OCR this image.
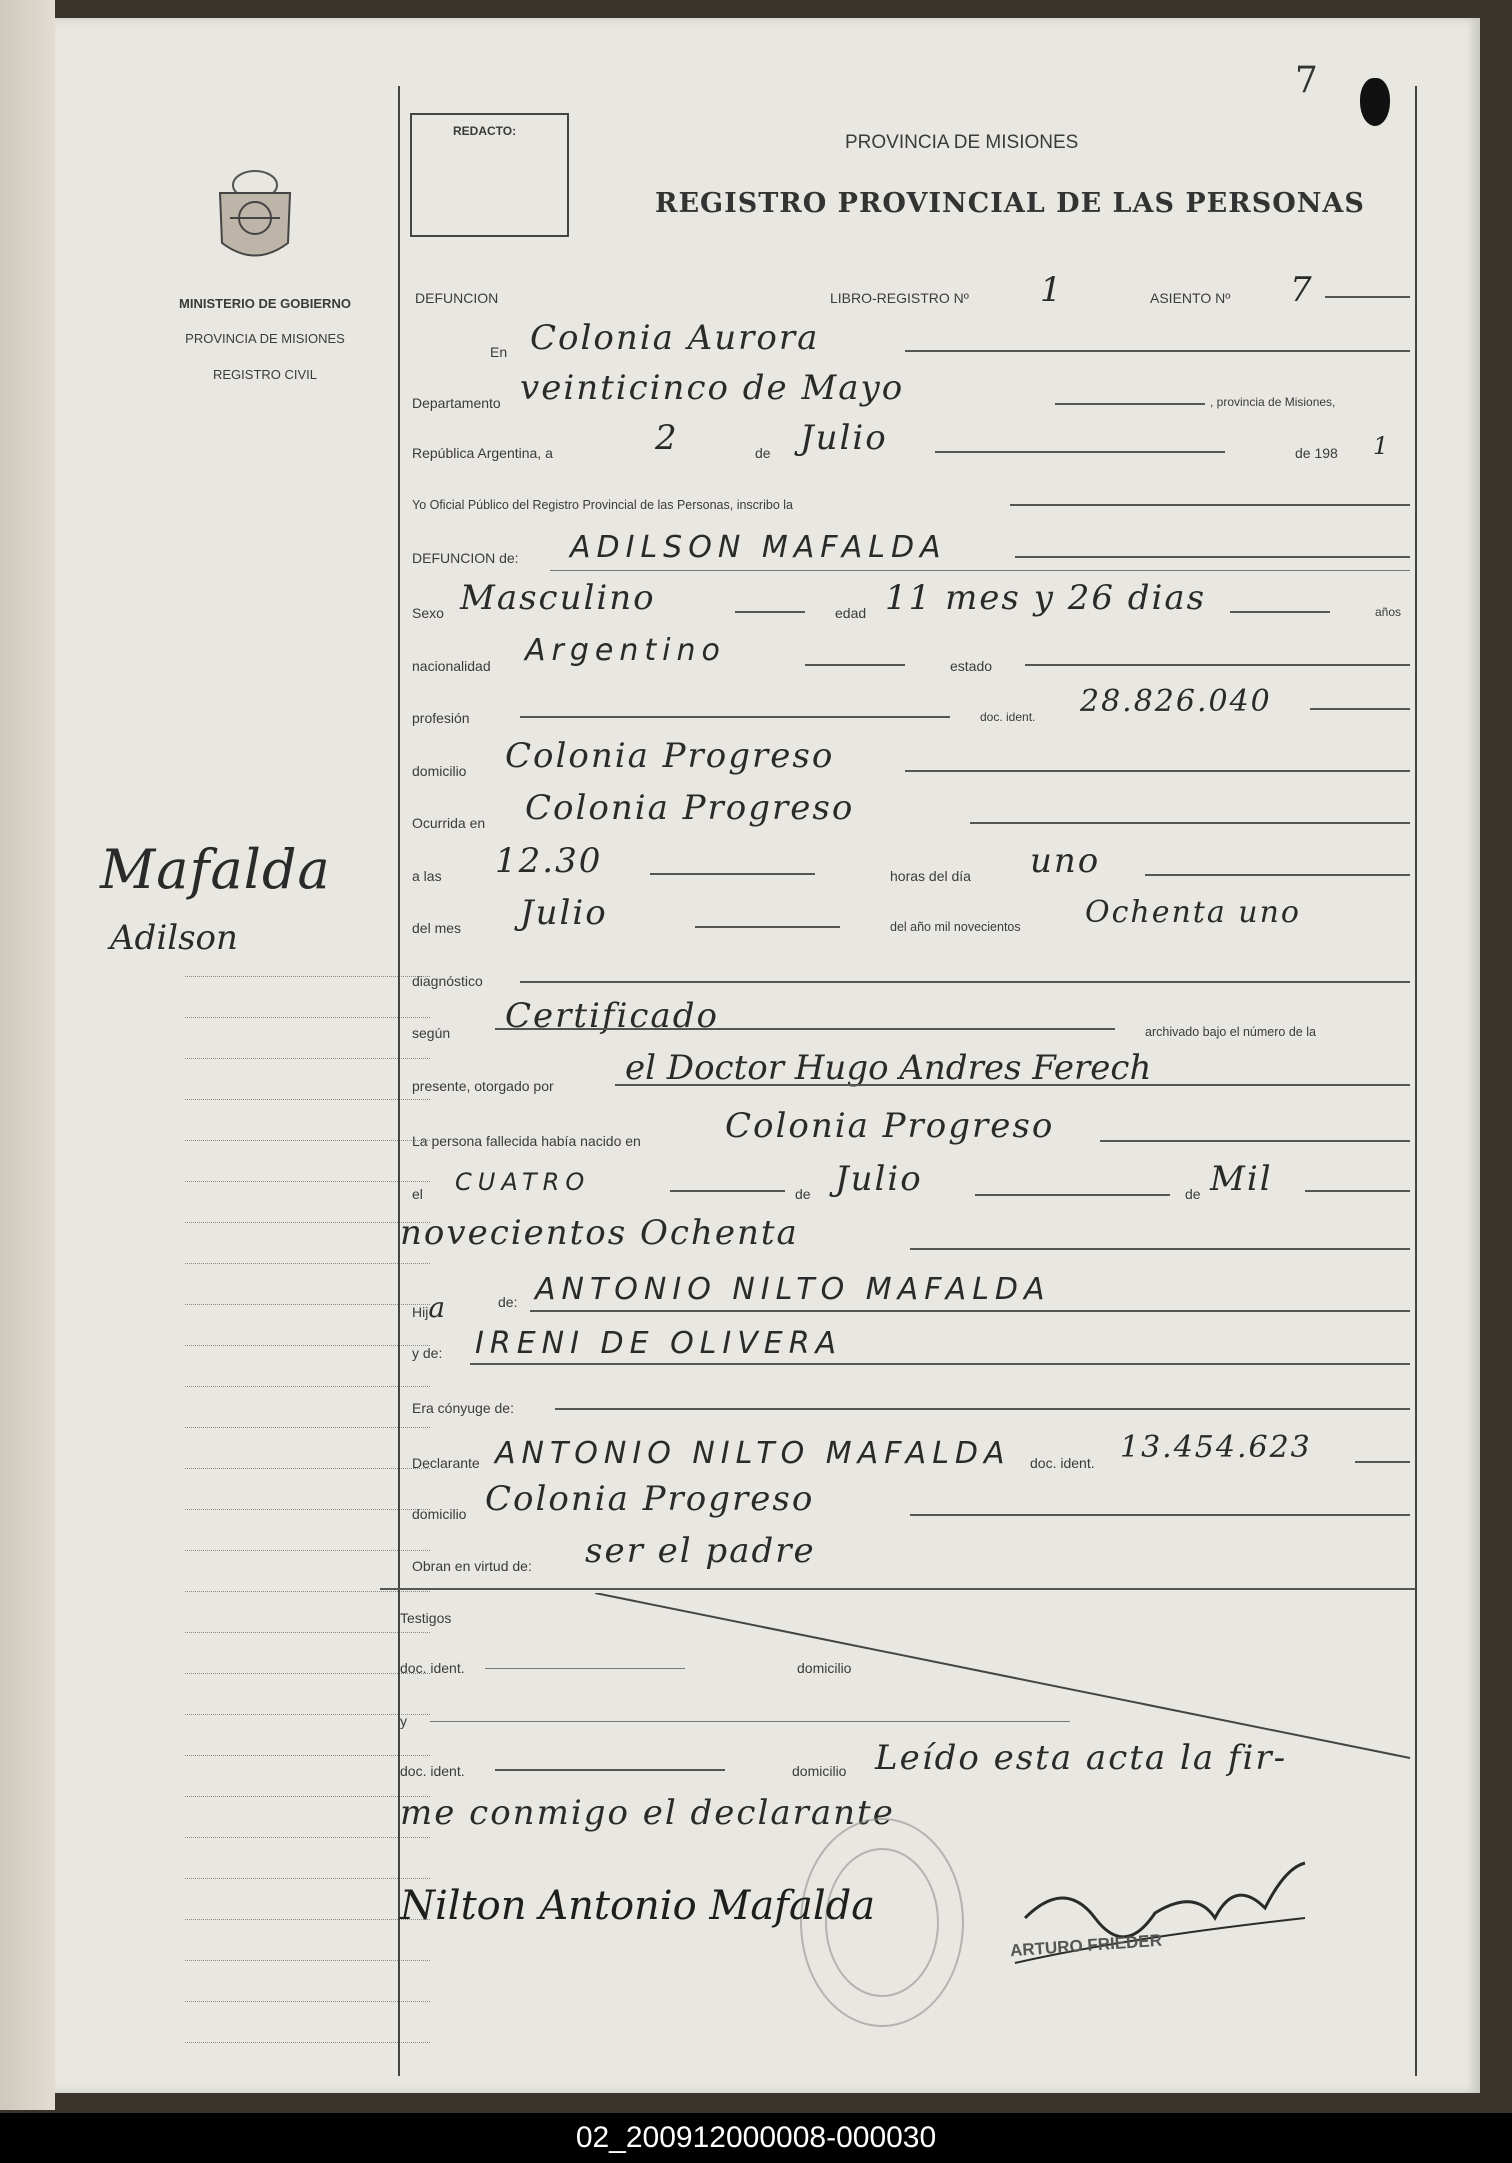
7
MINISTERIO DE GOBIERNO
PROVINCIA DE MISIONES
REGISTRO CIVIL
Mafalda
Adilson
REDACTO:
PROVINCIA DE MISIONES
REGISTRO PROVINCIAL DE LAS PERSONAS
DEFUNCION	LIBRO-REGISTRO Nº 1	ASIENTO Nº 7
En Colonia Aurora
Departamento veinticinco de Mayo	, provincia de Misiones,
República Argentina, a	2	de Julio	de 198 1
Yo Oficial Público del Registro Provincial de las Personas, inscribo la
DEFUNCION de: ADILSON MAFALDA
Sexo Masculino	edad 11 mes y 26 dias	años
nacionalidad Argentino	estado
profesión	doc. ident. 28.826.040
domicilio Colonia Progreso
Ocurrida en Colonia Progreso
a las 12.30	horas del día uno
del mes Julio	del año mil novecientos Ochenta uno
diagnóstico
según Certificado	archivado bajo el número de la
presente, otorgado por el Doctor Hugo Andres Ferech
La persona fallecida había nacido en Colonia Progreso
el CUATRO	de Julio	de Mil
novecientos Ochenta
Hija	de: ANTONIO NILTO MAFALDA
y de: IRENI DE OLIVERA
Era cónyuge de:
Declarante ANTONIO NILTO MAFALDA doc. ident. 13.454.623
domicilio Colonia Progreso
Obran en virtud de: ser el padre
Testigos
doc. ident.	domicilio
y
doc. ident.	domicilio Leído esta acta la fir-
me conmigo el declarante
Nilton Antonio Mafalda
ARTURO FRIEDER
02_200912000008-000030
